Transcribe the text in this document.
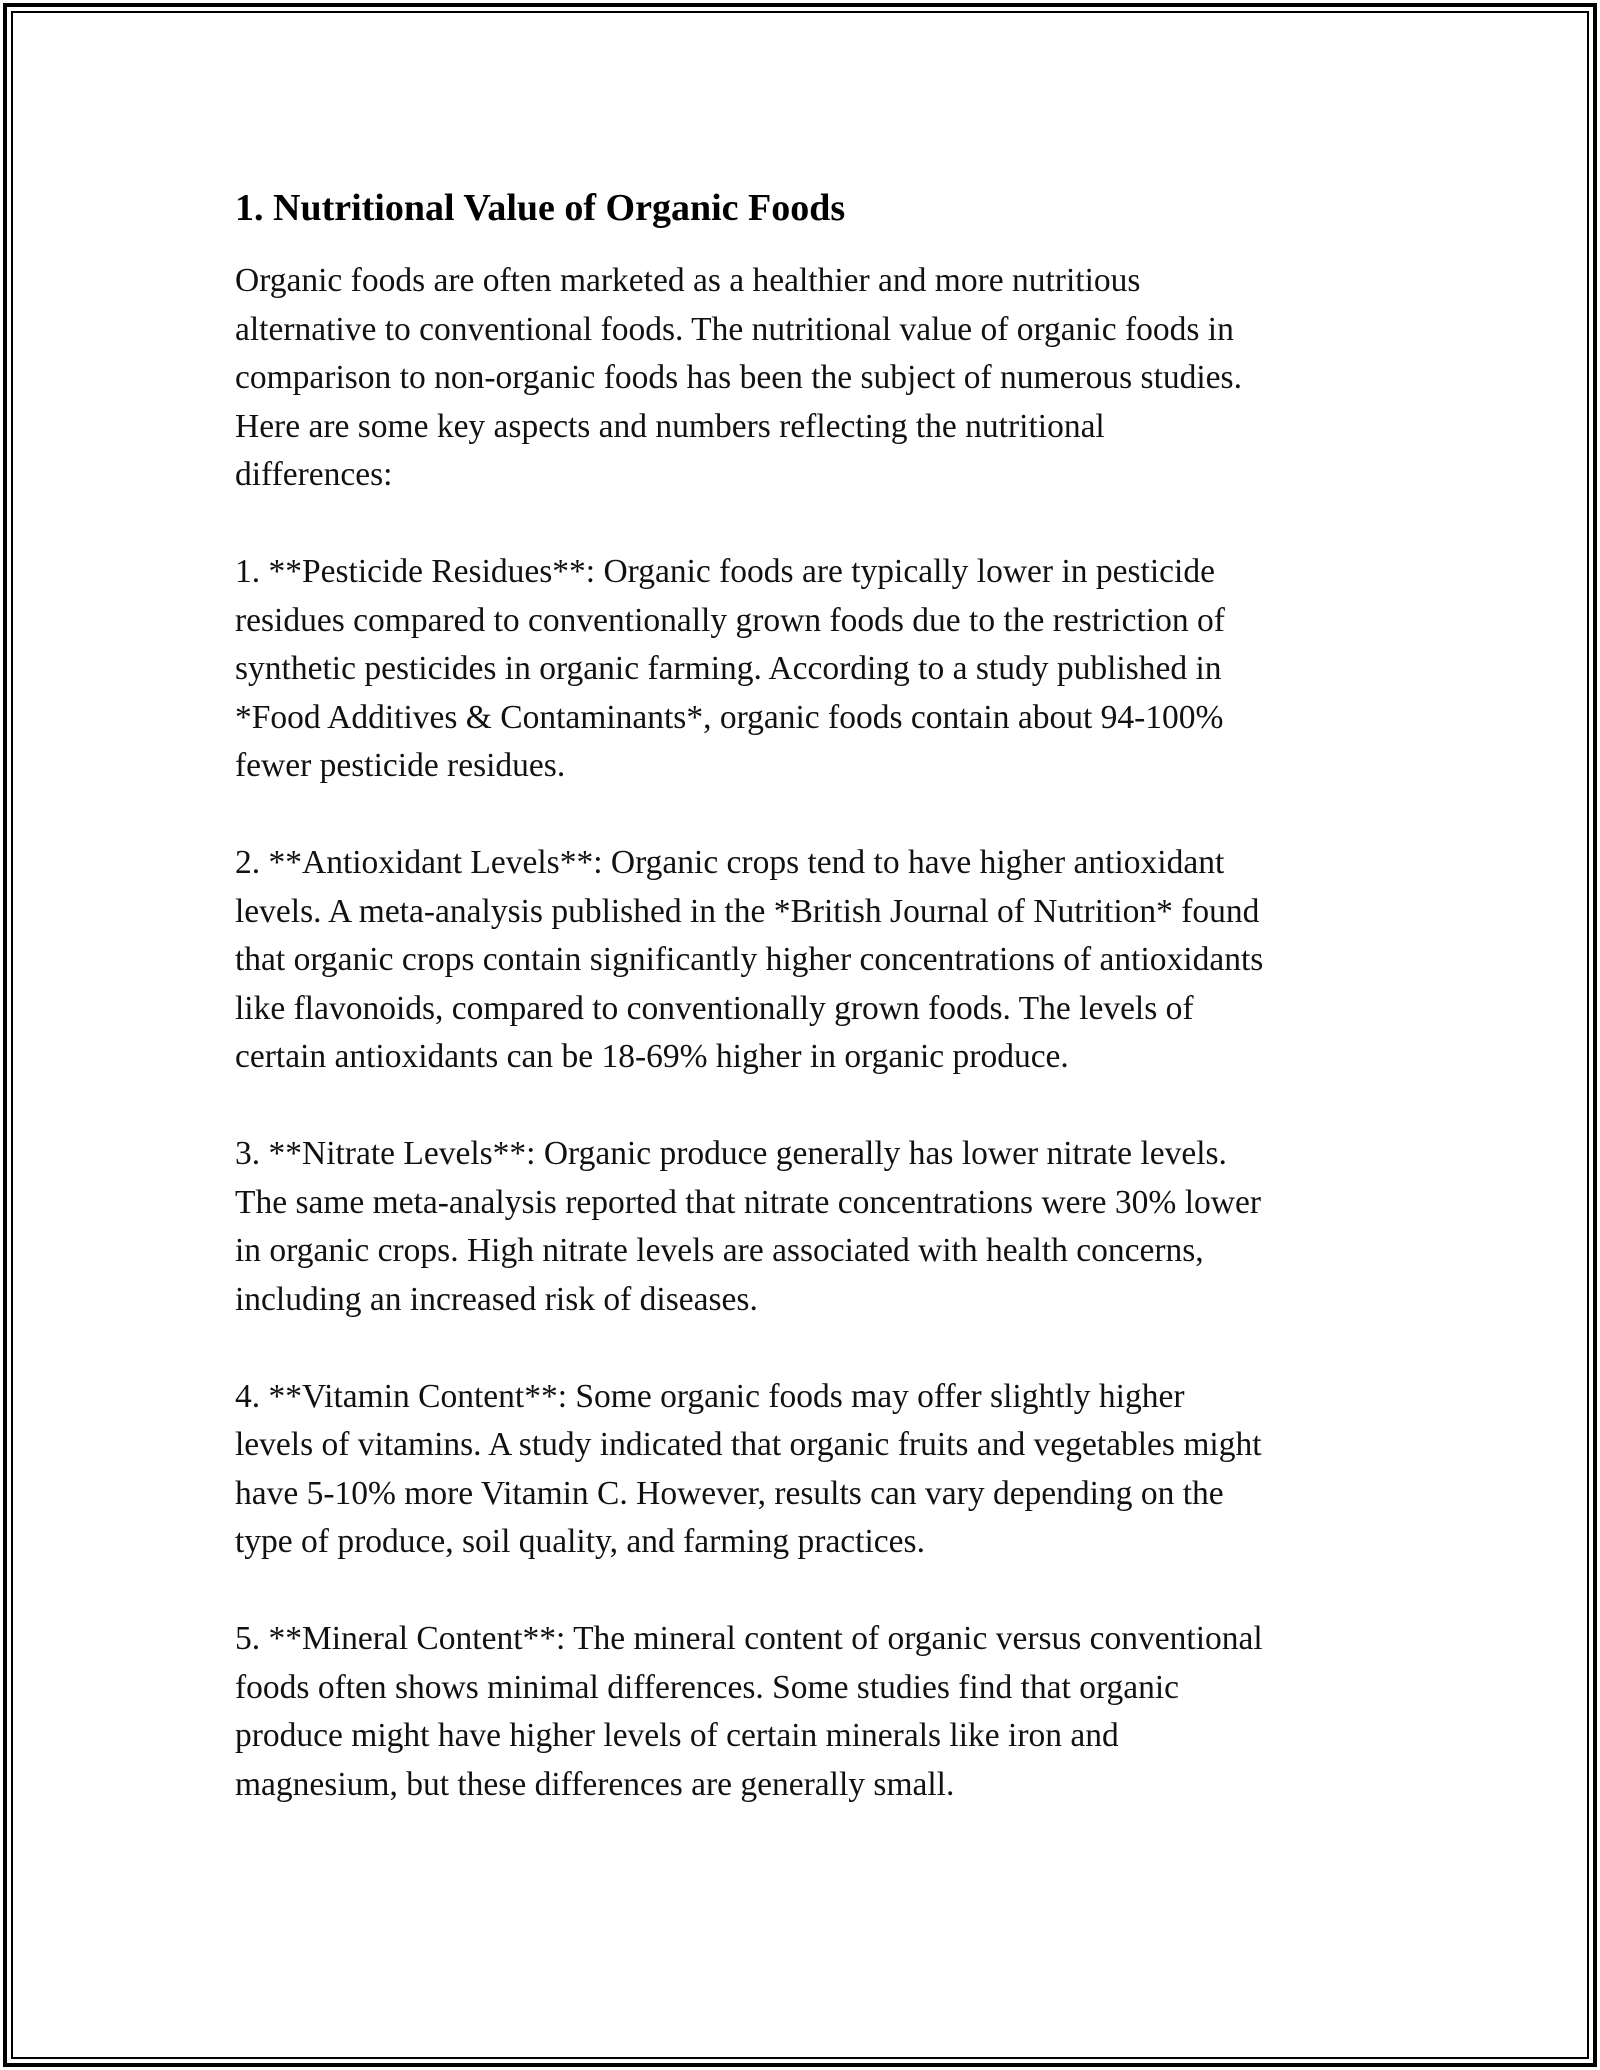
1. Nutritional Value of Organic Foods

Organic foods are often marketed as a healthier and more nutritious
alternative to conventional foods. The nutritional value of organic foods in
comparison to non-organic foods has been the subject of numerous studies.
Here are some key aspects and numbers reflecting the nutritional
differences:

1. **Pesticide Residues**: Organic foods are typically lower in pesticide
residues compared to conventionally grown foods due to the restriction of
synthetic pesticides in organic farming. According to a study published in
*Food Additives & Contaminants*, organic foods contain about 94-100%
fewer pesticide residues.

2. **Antioxidant Levels**: Organic crops tend to have higher antioxidant
levels. A meta-analysis published in the *British Journal of Nutrition* found
that organic crops contain significantly higher concentrations of antioxidants
like flavonoids, compared to conventionally grown foods. The levels of
certain antioxidants can be 18-69% higher in organic produce.

3. **Nitrate Levels**: Organic produce generally has lower nitrate levels.
The same meta-analysis reported that nitrate concentrations were 30% lower
in organic crops. High nitrate levels are associated with health concerns,
including an increased risk of diseases.

4. **Vitamin Content**: Some organic foods may offer slightly higher
levels of vitamins. A study indicated that organic fruits and vegetables might
have 5-10% more Vitamin C. However, results can vary depending on the
type of produce, soil quality, and farming practices.

5. **Mineral Content**: The mineral content of organic versus conventional
foods often shows minimal differences. Some studies find that organic
produce might have higher levels of certain minerals like iron and
magnesium, but these differences are generally small.
